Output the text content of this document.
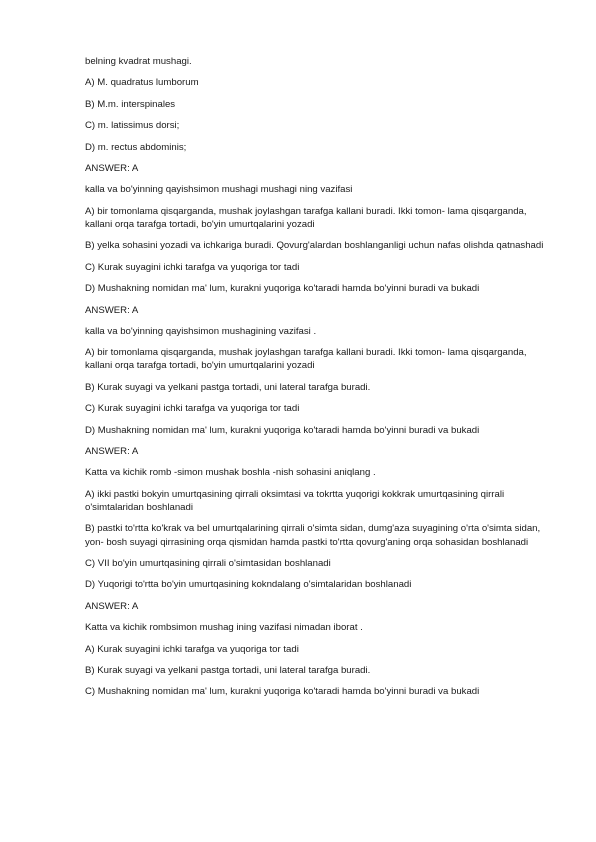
belning kvadrat mushagi.

A) M. quadratus lumborum

B) M.m. interspinales

C) m. latissimus dorsi;

D) m. rectus abdominis;

ANSWER: A

kalla va bo'yinning qayishsimon mushagi mushagi ning vazifasi

A) bir tomonlama qisqarganda, mushak joylashgan tarafga kallani buradi. Ikki tomon- lama qisqarganda, kallani orqa tarafga tortadi, bo'yin umurtqalarini yozadi

B) yelka sohasini yozadi va ichkariga buradi. Qovurg'alardan boshlanganligi uchun nafas olishda qatnashadi

C) Kurak suyagini ichki tarafga va yuqoriga tor tadi

D) Mushakning nomidan ma' lum, kurakni yuqoriga ko'taradi hamda bo'yinni buradi va bukadi

ANSWER: A

kalla va bo'yinning qayishsimon mushagining vazifasi .

A) bir tomonlama qisqarganda, mushak joylashgan tarafga kallani buradi. Ikki tomon- lama qisqarganda, kallani orqa tarafga tortadi, bo'yin umurtqalarini yozadi

B) Kurak suyagi va yelkani pastga tortadi, uni lateral tarafga buradi.

C) Kurak suyagini ichki tarafga va yuqoriga tor tadi

D) Mushakning nomidan ma' lum, kurakni yuqoriga ko'taradi hamda bo'yinni buradi va bukadi

ANSWER: A

Katta va kichik romb -simon mushak boshla -nish sohasini aniqlang .

A) ikki pastki bokyin umurtqasining qirrali oksimtasi va tokrtta yuqorigi kokkrak umurtqasining qirrali o'simtalaridan boshlanadi

B) pastki to'rtta ko'krak va bel umurtqalarining qirrali o'simta sidan, dumg'aza suyagining o'rta o'simta sidan, yon- bosh suyagi qirrasining orqa qismidan hamda pastki to'rtta qovurg'aning orqa sohasidan boshlanadi

C) VII bo'yin umurtqasining qirrali o'simtasidan boshlanadi

D) Yuqorigi to'rtta bo'yin umurtqasining kokndalang o'simtalaridan boshlanadi

ANSWER: A

Katta va kichik rombsimon mushag ining vazifasi nimadan iborat .

A) Kurak suyagini ichki tarafga va yuqoriga tor tadi

B) Kurak suyagi va yelkani pastga tortadi, uni lateral tarafga buradi.

C) Mushakning nomidan ma' lum, kurakni yuqoriga ko'taradi hamda bo'yinni buradi va bukadi
